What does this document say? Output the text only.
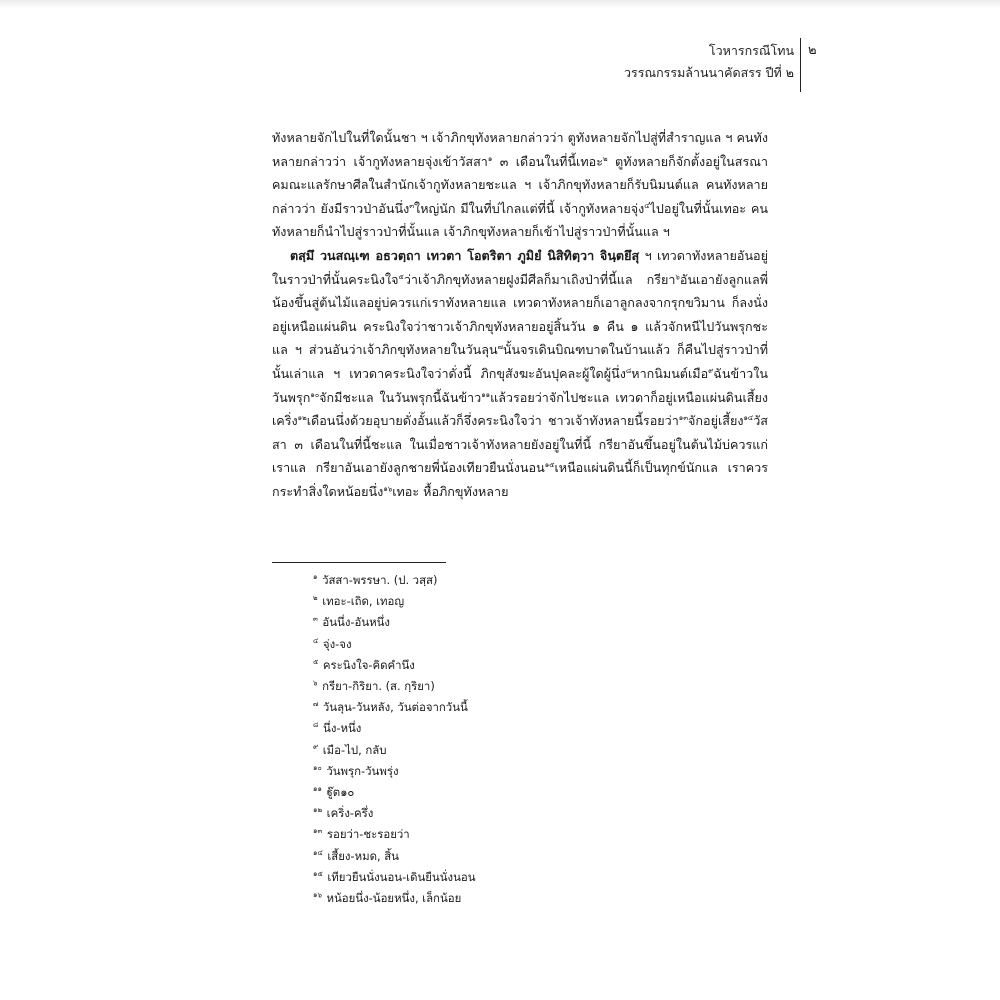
โวหารกรณีโทน
วรรณกรรมล้านนาคัดสรร ปีที่ ๒
๒

ทังหลายจักไปในที่ใดนั้นชา ฯ เจ้าภิกขุทังหลายกล่าวว่า ตูทังหลายจักไปสู่ที่สำราญแล ฯ คนทังหลายกล่าวว่า เจ้ากูทังหลายจุ่งเข้าวัสสา$^๑$ ๓ เดือนในที่นี้เทอะ$^๒$ ตูทังหลายก็จักตั้งอยู่ในสรณาคมณะแลรักษาศีลในสำนักเจ้ากูทังหลายชะแล ฯ เจ้าภิกขุทังหลายก็รับนิมนต์แล คนทังหลายกล่าวว่า ยังมีราวป่าอันนึ่ง$^๓$ใหญ่นัก มีในที่บ่ไกลแต่ที่นี้ เจ้ากูทังหลายจุ่ง$^๔$ไปอยู่ในที่นั้นเทอะ คนทังหลายก็นำไปสู่ราวป่าที่นั้นแล เจ้าภิกขุทังหลายก็เข้าไปสู่ราวป่าที่นั้นแล ฯ

ตสฺมึ วนสณฺเฑ อธวตฺถา เทวตา โอตริตา ภูมิยํ นิสิทิตฺวา จินฺตยึสุ ฯ เทวดาทังหลายอันอยู่ในราวป่าที่นั้นคระนิงใจ$^๕$ว่าเจ้าภิกขุทังหลายฝูงมีศีลก็มาเถิงป่าที่นี้แล กรียา$^๖$อันเอายังลูกแลพี่น้องขึ้นสู่ต้นไม้แลอยู่บ่ควรแก่เราทังหลายแล เทวดาทังหลายก็เอาลูกลงจากรุกขวิมาน ก็ลงนั่งอยู่เหนือแผ่นดิน คระนิงใจว่าชาวเจ้าภิกขุทังหลายอยู่สิ้นวัน ๑ คืน ๑ แล้วจักหนีไปวันพรุกชะแล ฯ ส่วนอันว่าเจ้าภิกขุทังหลายในวันลุน$^๗$นั้นจรเดินบิณฑบาตในบ้านแล้ว ก็คืนไปสู่ราวป่าที่นั้นเล่าแล ฯ เทวดาคระนิงใจว่าดั่งนี้ ภิกขุสังฆะอันปุคละผู้ใดผู้นึ่ง$^๘$หากนิมนต์เมือ$^๙$ฉันข้าวในวันพรุก$^{๑๐}$จักมีชะแล ในวันพรุกนี้ฉันข้าว$^{๑๑}$แล้วรอยว่าจักไปชะแล เทวดาก็อยู่เหนือแผ่นดินเสี้ยงเคริ่ง$^{๑๒}$เดือนนึ่งด้วยอุบายดั่งอั้นแล้วก็จึ่งคระนิงใจว่า ชาวเจ้าทังหลายนี้รอยว่า$^{๑๓}$จักอยู่เสี้ยง$^{๑๔}$วัสสา ๓ เดือนในที่นี้ชะแล ในเมื่อชาวเจ้าทังหลายยังอยู่ในที่นี้ กรียาอันขึ้นอยู่ในต้นไม้บ่ควรแก่เราแล กรียาอันเอายังลูกชายพี่น้องเทียวยืนนั่งนอน$^{๑๕}$เหนือแผ่นดินนี้ก็เป็นทุกข์นักแล เราควรกระทำสิ่งใดหน้อยนึ่ง$^{๑๖}$เทอะ หื้อภิกขุทังหลาย

$^๑$ วัสสา-พรรษา. (ป. วสฺส)
$^๒$ เทอะ-เถิด, เทอญ
$^๓$ อันนึ่ง-อันหนึ่ง
$^๔$ จุ่ง-จง
$^๕$ คระนิงใจ-คิดคำนึง
$^๖$ กรียา-กิริยา. (ส. กฺริยา)
$^๗$ วันลุน-วันหลัง, วันต่อจากวันนี้
$^๘$ นึ่ง-หนึ่ง
$^๙$ เมือ-ไป, กลับ
$^{๑๐}$ วันพรุก-วันพรุ่ง
$^{๑๑}$ ฐู๊ต๑๐
$^{๑๒}$ เคริ่ง-ครึ่ง
$^{๑๓}$ รอยว่า-ชะรอยว่า
$^{๑๔}$ เสี้ยง-หมด, สิ้น
$^{๑๕}$ เทียวยืนนั่งนอน-เดินยืนนั่งนอน
$^{๑๖}$ หน้อยนึ่ง-น้อยหนึ่ง, เล็กน้อย
